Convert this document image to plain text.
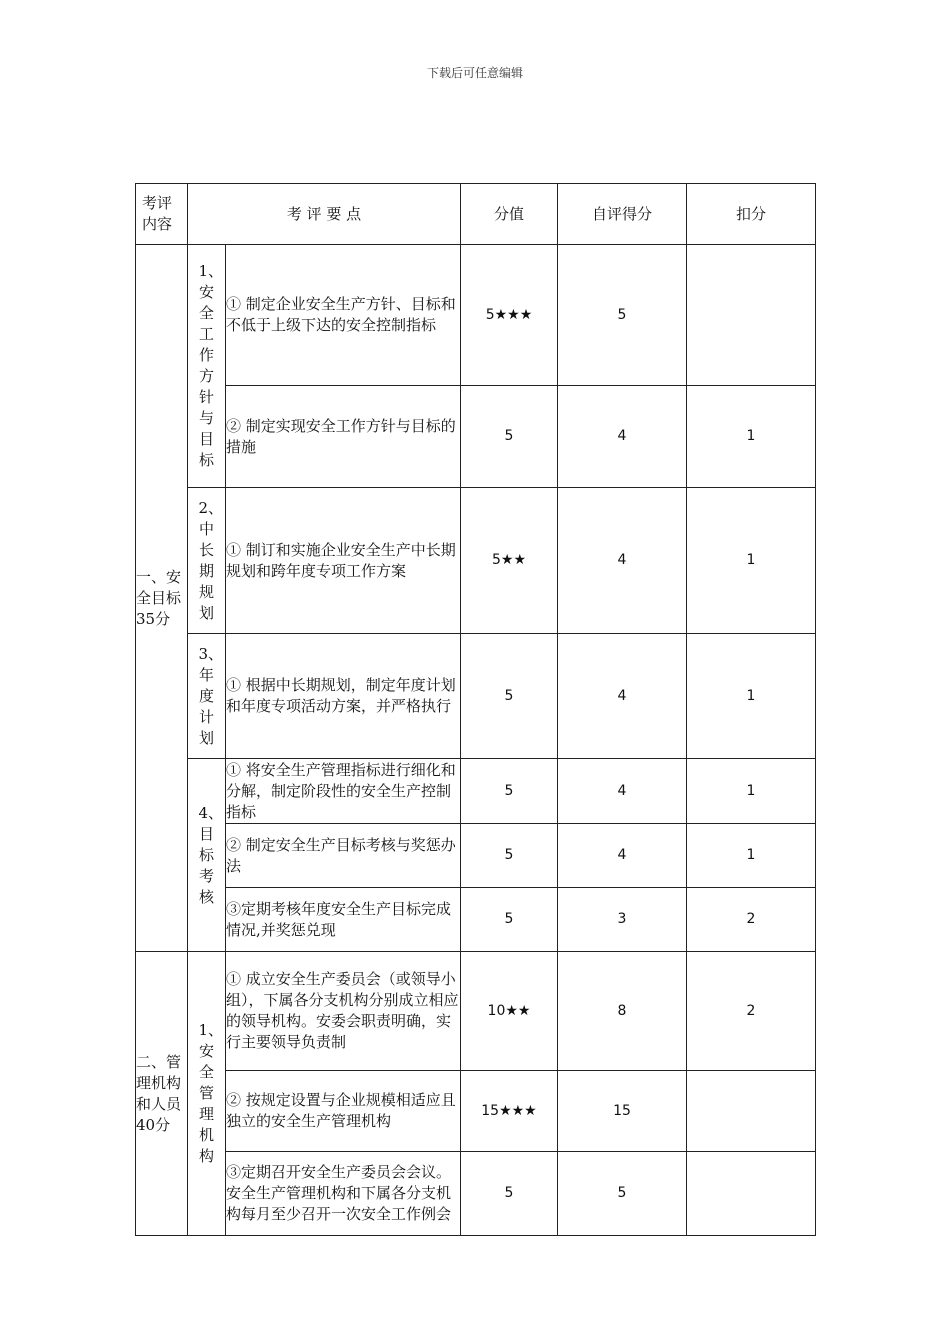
下载后可任意编辑
考评内容	考 评 要 点		分值	自评得分	扣分
一、安全目标35分	1、安全工作方针与目标	① 制定企业安全生产方针、目标和不低于上级下达的安全控制指标	5★★★	5	
		② 制定实现安全工作方针与目标的措施	5	4	1
	2、中长期规划	① 制订和实施企业安全生产中长期规划和跨年度专项工作方案	5★★	4	1
	3、年度计划	① 根据中长期规划，制定年度计划和年度专项活动方案，并严格执行	5	4	1
	4、目标考核	① 将安全生产管理指标进行细化和分解，制定阶段性的安全生产控制指标	5	4	1
		② 制定安全生产目标考核与奖惩办法	5	4	1
		③定期考核年度安全生产目标完成情况,并奖惩兑现	5	3	2
二、管理机构和人员40分	1、安全管理机构	① 成立安全生产委员会（或领导小组），下属各分支机构分别成立相应的领导机构。安委会职责明确，实行主要领导负责制	10★★	8	2
		② 按规定设置与企业规模相适应且独立的安全生产管理机构	15★★★	15	
		③定期召开安全生产委员会会议。安全生产管理机构和下属各分支机构每月至少召开一次安全工作例会	5	5	
